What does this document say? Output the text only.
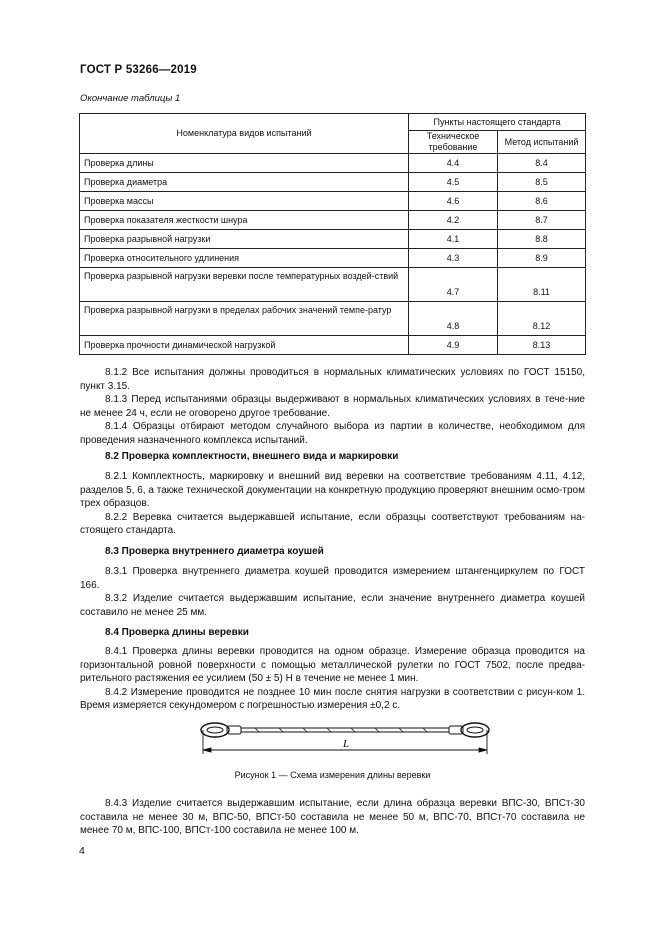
ГОСТ Р 53266—2019
Окончание таблицы 1
Номенклатура видов испытаний	Пункты настоящего стандарта	
	Техническое требование	Метод испытаний
Проверка длины	4.4	8.4
Проверка диаметра	4.5	8.5
Проверка массы	4.6	8.6
Проверка показателя жесткости шнура	4.2	8.7
Проверка разрывной нагрузки	4.1	8.8
Проверка относительного удлинения	4.3	8.9
Проверка разрывной нагрузки веревки после температурных воздей-ствий	4.7	8.11
Проверка разрывной нагрузки в пределах рабочих значений темпе-ратур	4.8	8.12
Проверка прочности динамической нагрузкой	4.9	8.13

8.1.2 Все испытания должны проводиться в нормальных климатических условиях по ГОСТ 15150, пункт 3.15.

8.1.3 Перед испытаниями образцы выдерживают в нормальных климатических условиях в тече-ние не менее 24 ч, если не оговорено другое требование.

8.1.4 Образцы отбирают методом случайного выбора из партии в количестве, необходимом для проведения назначенного комплекса испытаний.

8.2 Проверка комплектности, внешнего вида и маркировки

8.2.1 Комплектность, маркировку и внешний вид веревки на соответствие требованиям 4.11, 4.12, разделов 5, 6, а также технической документации на конкретную продукцию проверяют внешним осмо-тром трех образцов.

8.2.2 Веревка считается выдержавшей испытание, если образцы соответствуют требованиям на-стоящего стандарта.

8.3 Проверка внутреннего диаметра коушей

8.3.1 Проверка внутреннего диаметра коушей проводится измерением штангенциркулем по ГОСТ 166.

8.3.2 Изделие считается выдержавшим испытание, если значение внутреннего диаметра коушей составило не менее 25 мм.

8.4 Проверка длины веревки

8.4.1 Проверка длины веревки проводится на одном образце. Измерение образца проводится на горизонтальной ровной поверхности с помощью металлической рулетки по ГОСТ 7502, после предва-рительного растяжения ее усилием (50 ± 5) Н в течение не менее 1 мин.

8.4.2 Измерение проводится не позднее 10 мин после снятия нагрузки в соответствии с рисун-ком 1. Время измеряется секундомером с погрешностью измерения ±0,2 с.

L
Рисунок 1 — Схема измерения длины веревки

8.4.3 Изделие считается выдержавшим испытание, если длина образца веревки ВПС-30, ВПСт-30 составила не менее 30 м, ВПС-50, ВПСт-50 составила не менее 50 м, ВПС-70, ВПСт-70 составила не менее 70 м, ВПС-100, ВПСт-100 составила не менее 100 м.

4
